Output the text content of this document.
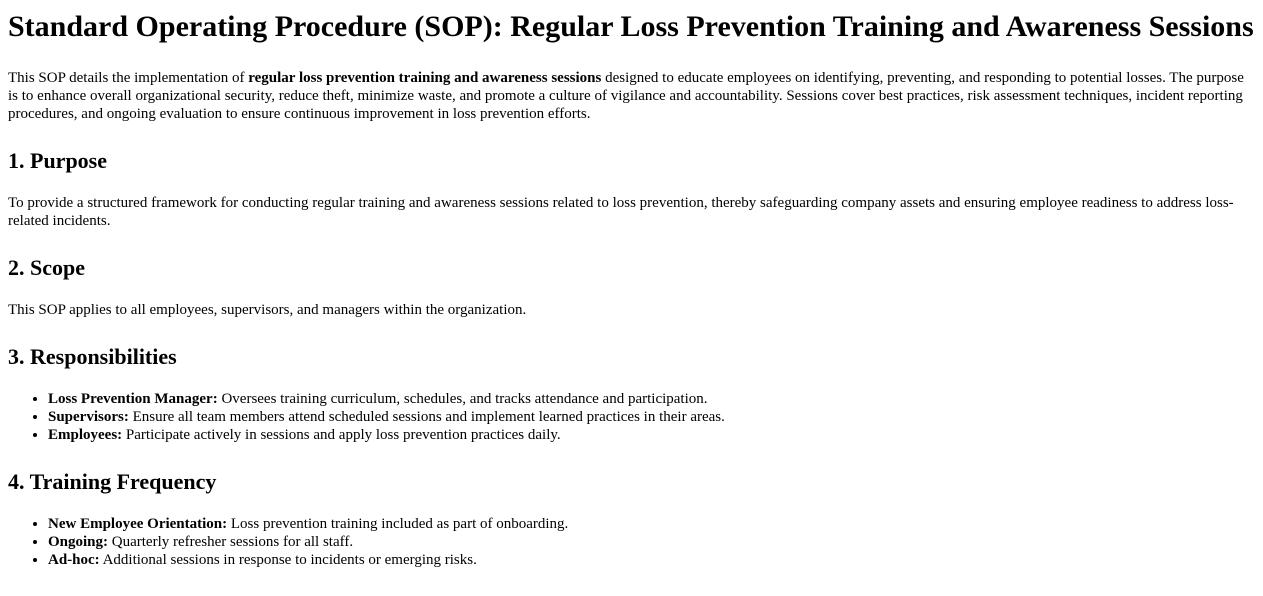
Standard Operating Procedure (SOP): Regular Loss Prevention Training and Awareness Sessions

This SOP details the implementation of regular loss prevention training and awareness sessions designed to educate employees on identifying, preventing, and responding to potential losses. The purpose is to enhance overall organizational security, reduce theft, minimize waste, and promote a culture of vigilance and accountability. Sessions cover best practices, risk assessment techniques, incident reporting procedures, and ongoing evaluation to ensure continuous improvement in loss prevention efforts.

1. Purpose

To provide a structured framework for conducting regular training and awareness sessions related to loss prevention, thereby safeguarding company assets and ensuring employee readiness to address loss-related incidents.

2. Scope

This SOP applies to all employees, supervisors, and managers within the organization.

3. Responsibilities
• Loss Prevention Manager: Oversees training curriculum, schedules, and tracks attendance and participation.
• Supervisors: Ensure all team members attend scheduled sessions and implement learned practices in their areas.
• Employees: Participate actively in sessions and apply loss prevention practices daily.
4. Training Frequency
• New Employee Orientation: Loss prevention training included as part of onboarding.
• Ongoing: Quarterly refresher sessions for all staff.
• Ad-hoc: Additional sessions in response to incidents or emerging risks.
